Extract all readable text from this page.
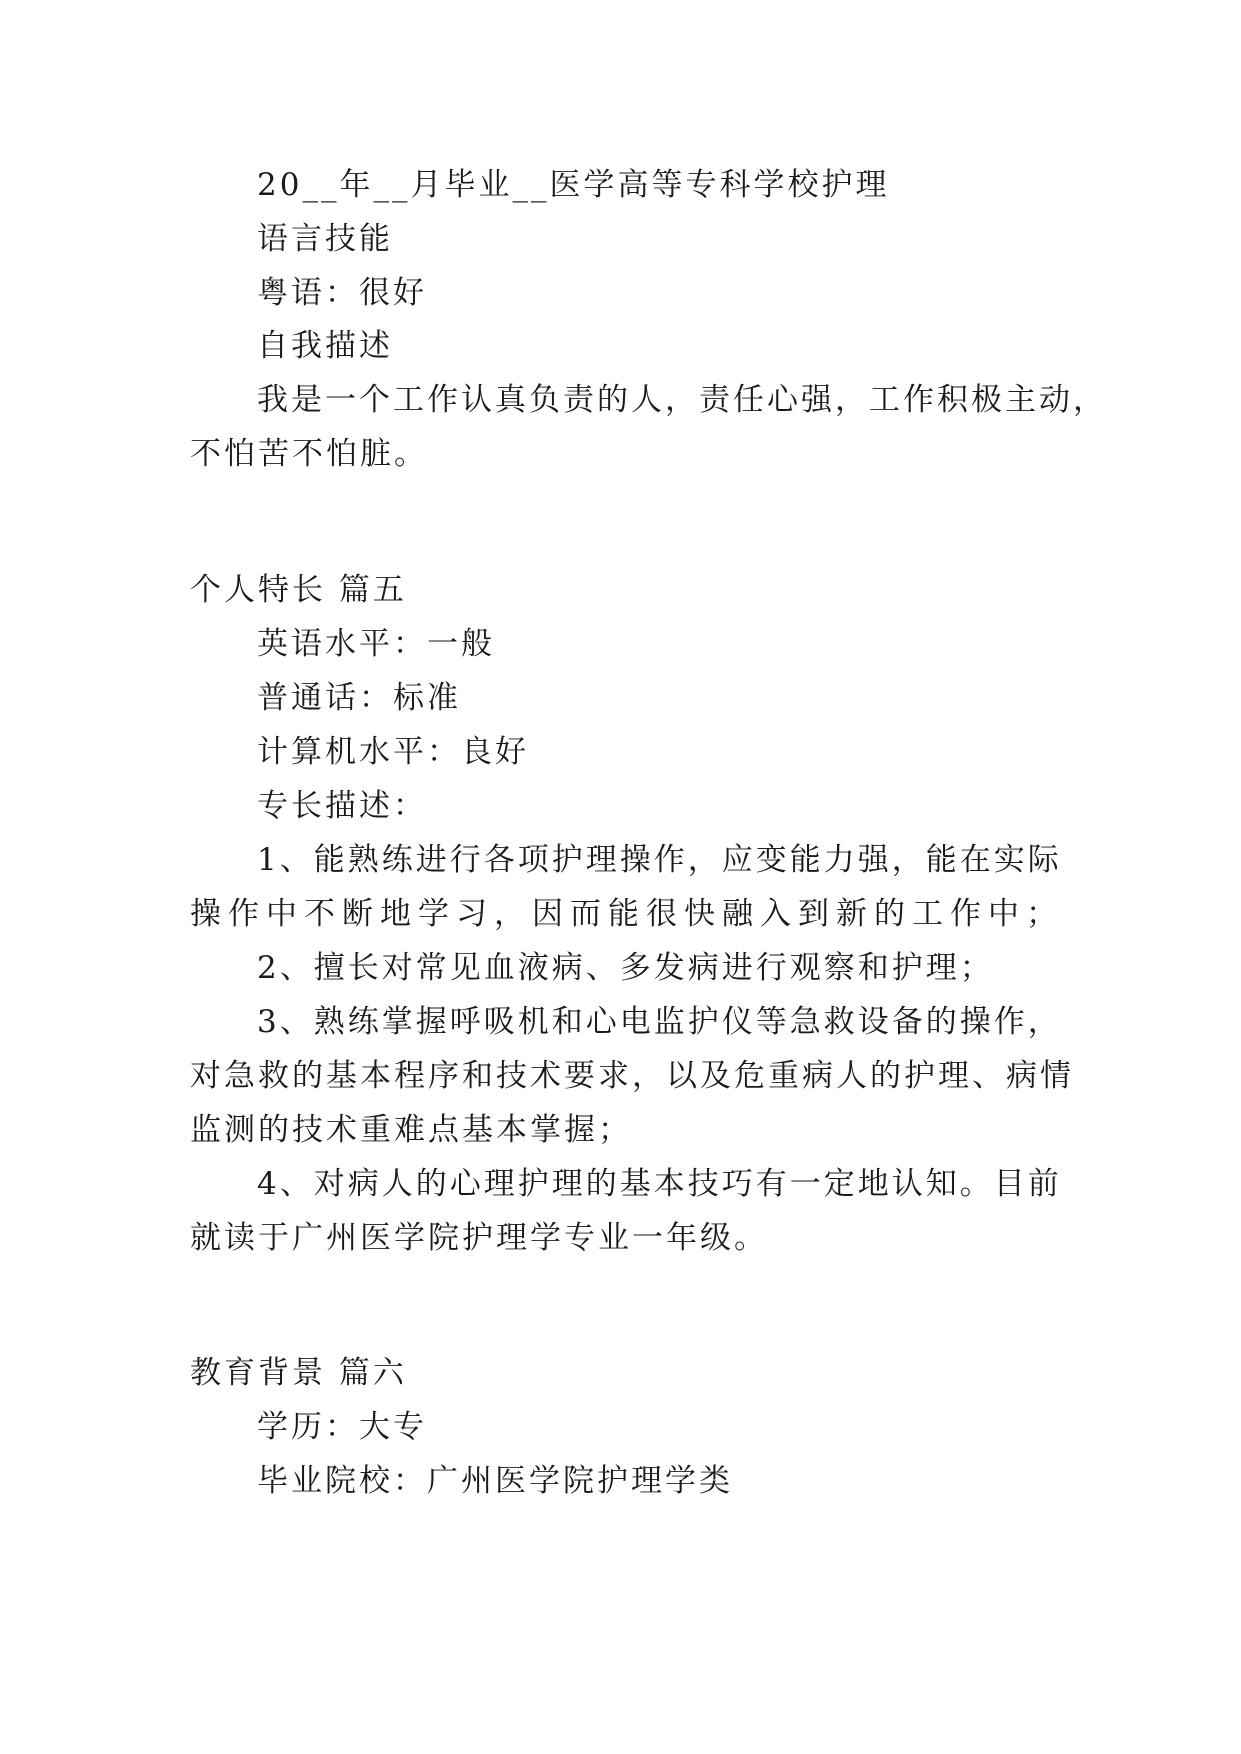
20__年__月毕业__医学高等专科学校护理
语言技能
粤语：很好
自我描述
我是一个工作认真负责的人，责任心强，工作积极主动，
不怕苦不怕脏。
个人特长 篇五
英语水平：一般
普通话：标准
计算机水平：良好
专长描述：
1、能熟练进行各项护理操作，应变能力强，能在实际
操作中不断地学习，因而能很快融入到新的工作中；
2、擅长对常见血液病、多发病进行观察和护理；
3、熟练掌握呼吸机和心电监护仪等急救设备的操作，
对急救的基本程序和技术要求，以及危重病人的护理、病情
监测的技术重难点基本掌握；
4、对病人的心理护理的基本技巧有一定地认知。目前
就读于广州医学院护理学专业一年级。
教育背景 篇六
学历：大专
毕业院校：广州医学院护理学类
